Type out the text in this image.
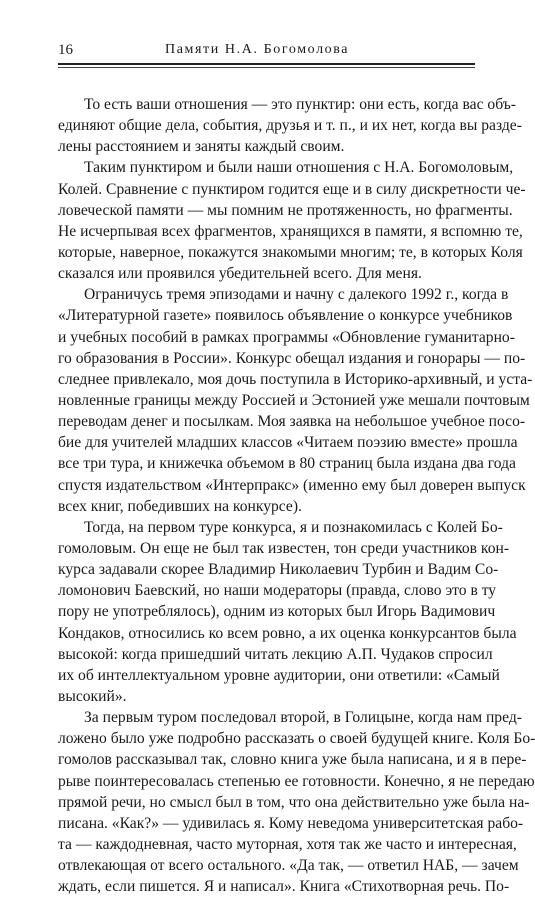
16	Памяти Н.А. Богомолова
То есть ваши отношения — это пунктир: они есть, когда вас объ-
единяют общие дела, события, друзья и т. п., и их нет, когда вы разде-
лены расстоянием и заняты каждый своим.
Таким пунктиром и были наши отношения с Н.А. Богомоловым,
Колей. Сравнение с пунктиром годится еще и в силу дискретности че-
ловеческой памяти — мы помним не протяженность, но фрагменты.
Не исчерпывая всех фрагментов, хранящихся в памяти, я вспомню те,
которые, наверное, покажутся знакомыми многим; те, в которых Коля
сказался или проявился убедительней всего. Для меня.
Ограничусь тремя эпизодами и начну с далекого 1992 г., когда в
«Литературной газете» появилось объявление о конкурсе учебников
и учебных пособий в рамках программы «Обновление гуманитарно-
го образования в России». Конкурс обещал издания и гонорары — по-
следнее привлекало, моя дочь поступила в Историко-архивный, и уста-
новленные границы между Россией и Эстонией уже мешали почтовым
переводам денег и посылкам. Моя заявка на небольшое учебное посо-
бие для учителей младших классов «Читаем поэзию вместе» прошла
все три тура, и книжечка объемом в 80 страниц была издана два года
спустя издательством «Интерпракс» (именно ему был доверен выпуск
всех книг, победивших на конкурсе).
Тогда, на первом туре конкурса, я и познакомилась с Колей Бо-
гомоловым. Он еще не был так известен, тон среди участников кон-
курса задавали скорее Владимир Николаевич Турбин и Вадим Со-
ломонович Баевский, но наши модераторы (правда, слово это в ту
пору не употреблялось), одним из которых был Игорь Вадимович
Кондаков, относились ко всем ровно, а их оценка конкурсантов была
высокой: когда пришедший читать лекцию А.П. Чудаков спросил
их об интеллектуальном уровне аудитории, они ответили: «Самый
высокий».
За первым туром последовал второй, в Голицыне, когда нам пред-
ложено было уже подробно рассказать о своей будущей книге. Коля Бо-
гомолов рассказывал так, словно книга уже была написана, и я в пере-
рыве поинтересовалась степенью ее готовности. Конечно, я не передаю
прямой речи, но смысл был в том, что она действительно уже была на-
писана. «Как?» — удивилась я. Кому неведома университетская рабо-
та — каждодневная, часто муторная, хотя так же часто и интересная,
отвлекающая от всего остального. «Да так, — ответил НАБ, — зачем
ждать, если пишется. Я и написал». Книга «Стихотворная речь. По-
